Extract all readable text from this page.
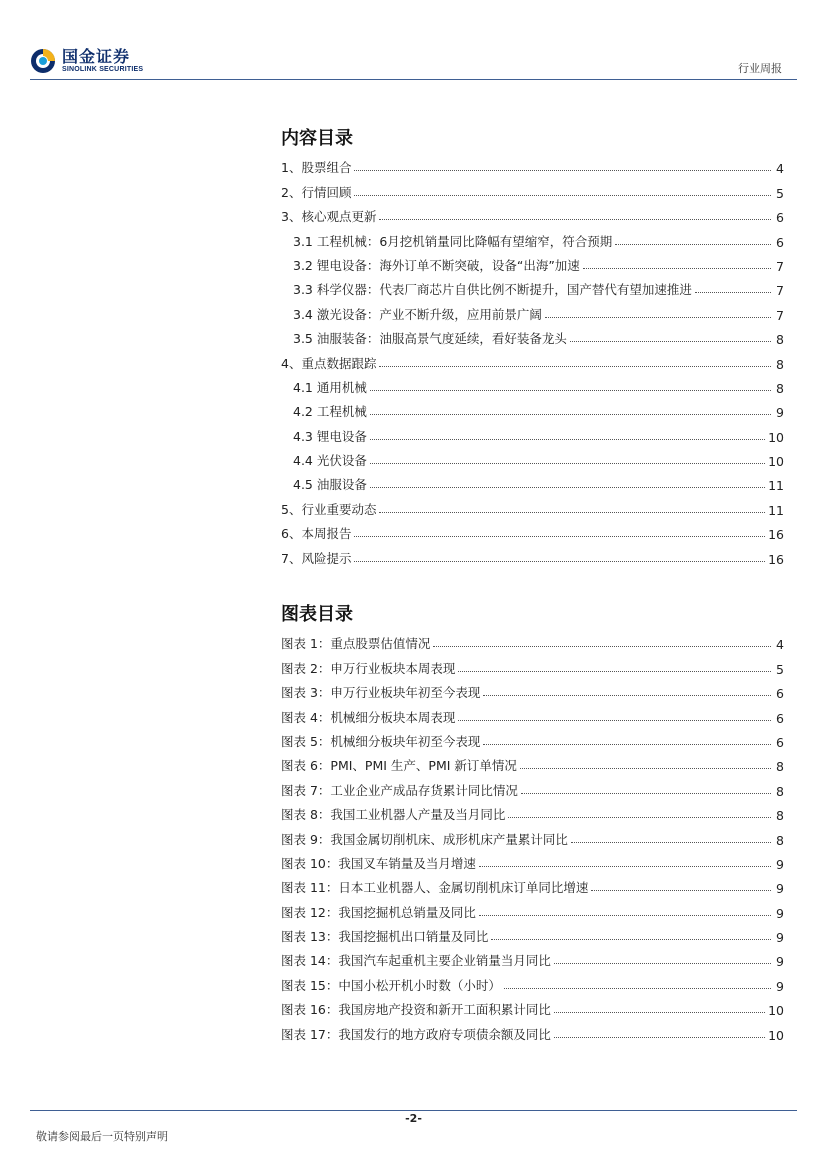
国金证券
SINOLINK SECURITIES	行业周报
内容目录
1、股票组合	4
2、行情回顾	5
3、核心观点更新	6
3.1 工程机械：6月挖机销量同比降幅有望缩窄，符合预期	6
3.2 锂电设备：海外订单不断突破，设备“出海”加速	7
3.3 科学仪器：代表厂商芯片自供比例不断提升，国产替代有望加速推进	7
3.4 激光设备：产业不断升级，应用前景广阔	7
3.5 油服装备：油服高景气度延续，看好装备龙头	8
4、重点数据跟踪	8
4.1 通用机械	8
4.2 工程机械	9
4.3 锂电设备	10
4.4 光伏设备	10
4.5 油服设备	11
5、行业重要动态	11
6、本周报告	16
7、风险提示	16
图表目录
图表 1：重点股票估值情况	4
图表 2：申万行业板块本周表现	5
图表 3：申万行业板块年初至今表现	6
图表 4：机械细分板块本周表现	6
图表 5：机械细分板块年初至今表现	6
图表 6：PMI、PMI 生产、PMI 新订单情况	8
图表 7：工业企业产成品存货累计同比情况	8
图表 8：我国工业机器人产量及当月同比	8
图表 9：我国金属切削机床、成形机床产量累计同比	8
图表 10：我国叉车销量及当月增速	9
图表 11：日本工业机器人、金属切削机床订单同比增速	9
图表 12：我国挖掘机总销量及同比	9
图表 13：我国挖掘机出口销量及同比	9
图表 14：我国汽车起重机主要企业销量当月同比	9
图表 15：中国小松开机小时数（小时）	9
图表 16：我国房地产投资和新开工面积累计同比	10
图表 17：我国发行的地方政府专项债余额及同比	10
-2-
敬请参阅最后一页特别声明
